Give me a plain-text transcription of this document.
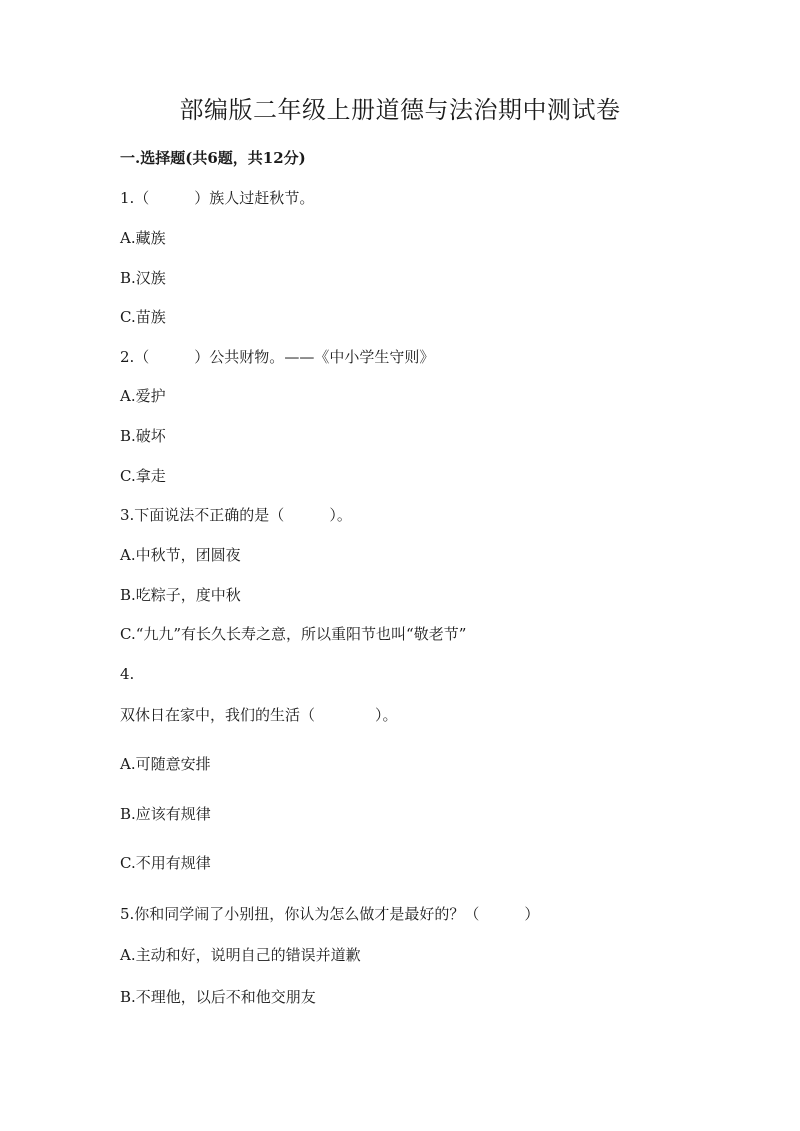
部编版二年级上册道德与法治期中测试卷
一.选择题(共6题，共12分)
1.（　　　）族人过赶秋节。
A.藏族
B.汉族
C.苗族
2.（　　　）公共财物。——《中小学生守则》
A.爱护
B.破坏
C.拿走
3.下面说法不正确的是（　　　）。
A.中秋节，团圆夜
B.吃粽子，度中秋
C.“九九”有长久长寿之意，所以重阳节也叫“敬老节”
4.
双休日在家中，我们的生活（　　　　）。
A.可随意安排
B.应该有规律
C.不用有规律
5.你和同学闹了小别扭，你认为怎么做才是最好的？（　　　）
A.主动和好，说明自己的错误并道歉
B.不理他，以后不和他交朋友
